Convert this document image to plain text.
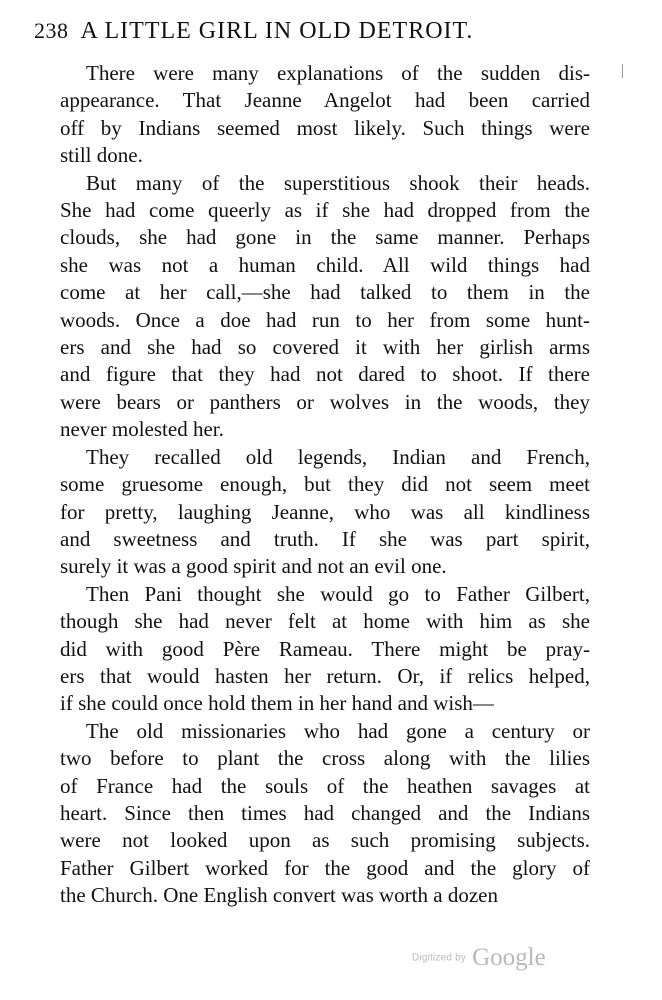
238 A LITTLE GIRL IN OLD DETROIT.
There were many explanations of the sudden dis-
appearance. That Jeanne Angelot had been carried
off by Indians seemed most likely. Such things were
still done.
But many of the superstitious shook their heads.
She had come queerly as if she had dropped from the
clouds, she had gone in the same manner. Perhaps
she was not a human child. All wild things had
come at her call,—she had talked to them in the
woods. Once a doe had run to her from some hunt-
ers and she had so covered it with her girlish arms
and figure that they had not dared to shoot. If there
were bears or panthers or wolves in the woods, they
never molested her.
They recalled old legends, Indian and French,
some gruesome enough, but they did not seem meet
for pretty, laughing Jeanne, who was all kindliness
and sweetness and truth. If she was part spirit,
surely it was a good spirit and not an evil one.
Then Pani thought she would go to Father Gilbert,
though she had never felt at home with him as she
did with good Père Rameau. There might be pray-
ers that would hasten her return. Or, if relics helped,
if she could once hold them in her hand and wish—
The old missionaries who had gone a century or
two before to plant the cross along with the lilies
of France had the souls of the heathen savages at
heart. Since then times had changed and the Indians
were not looked upon as such promising subjects.
Father Gilbert worked for the good and the glory of
the Church. One English convert was worth a dozen
Digitized by Google
